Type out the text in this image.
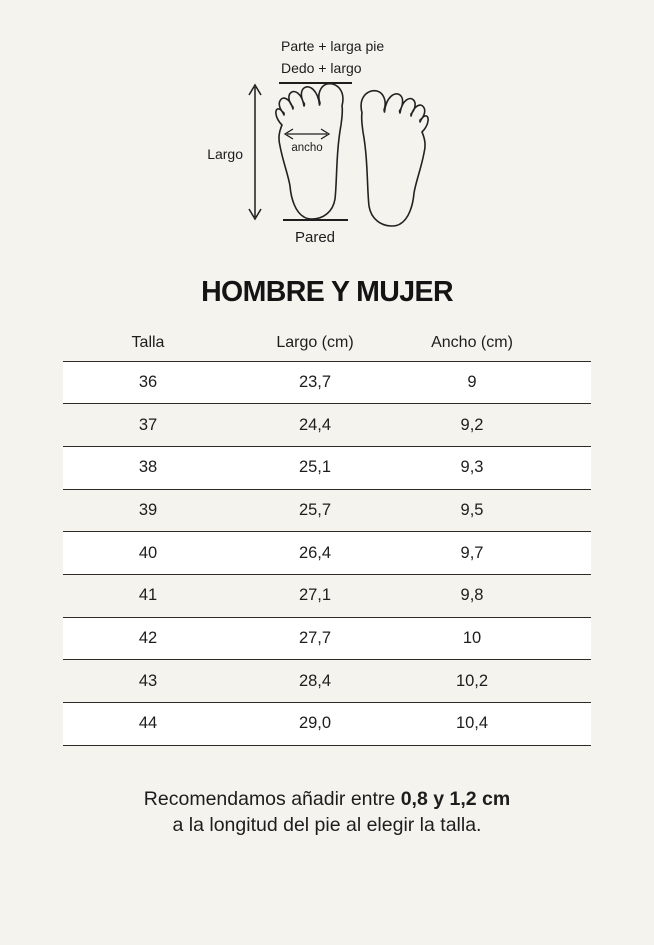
Parte + larga pie
Dedo + largo
Largo	ancho
Pared
HOMBRE Y MUJER
Talla	Largo (cm)	Ancho (cm)
36	23,7	9
37	24,4	9,2
38	25,1	9,3
39	25,7	9,5
40	26,4	9,7
41	27,1	9,8
42	27,7	10
43	28,4	10,2
44	29,0	10,4
Recomendamos añadir entre 0,8 y 1,2 cm
a la longitud del pie al elegir la talla.
